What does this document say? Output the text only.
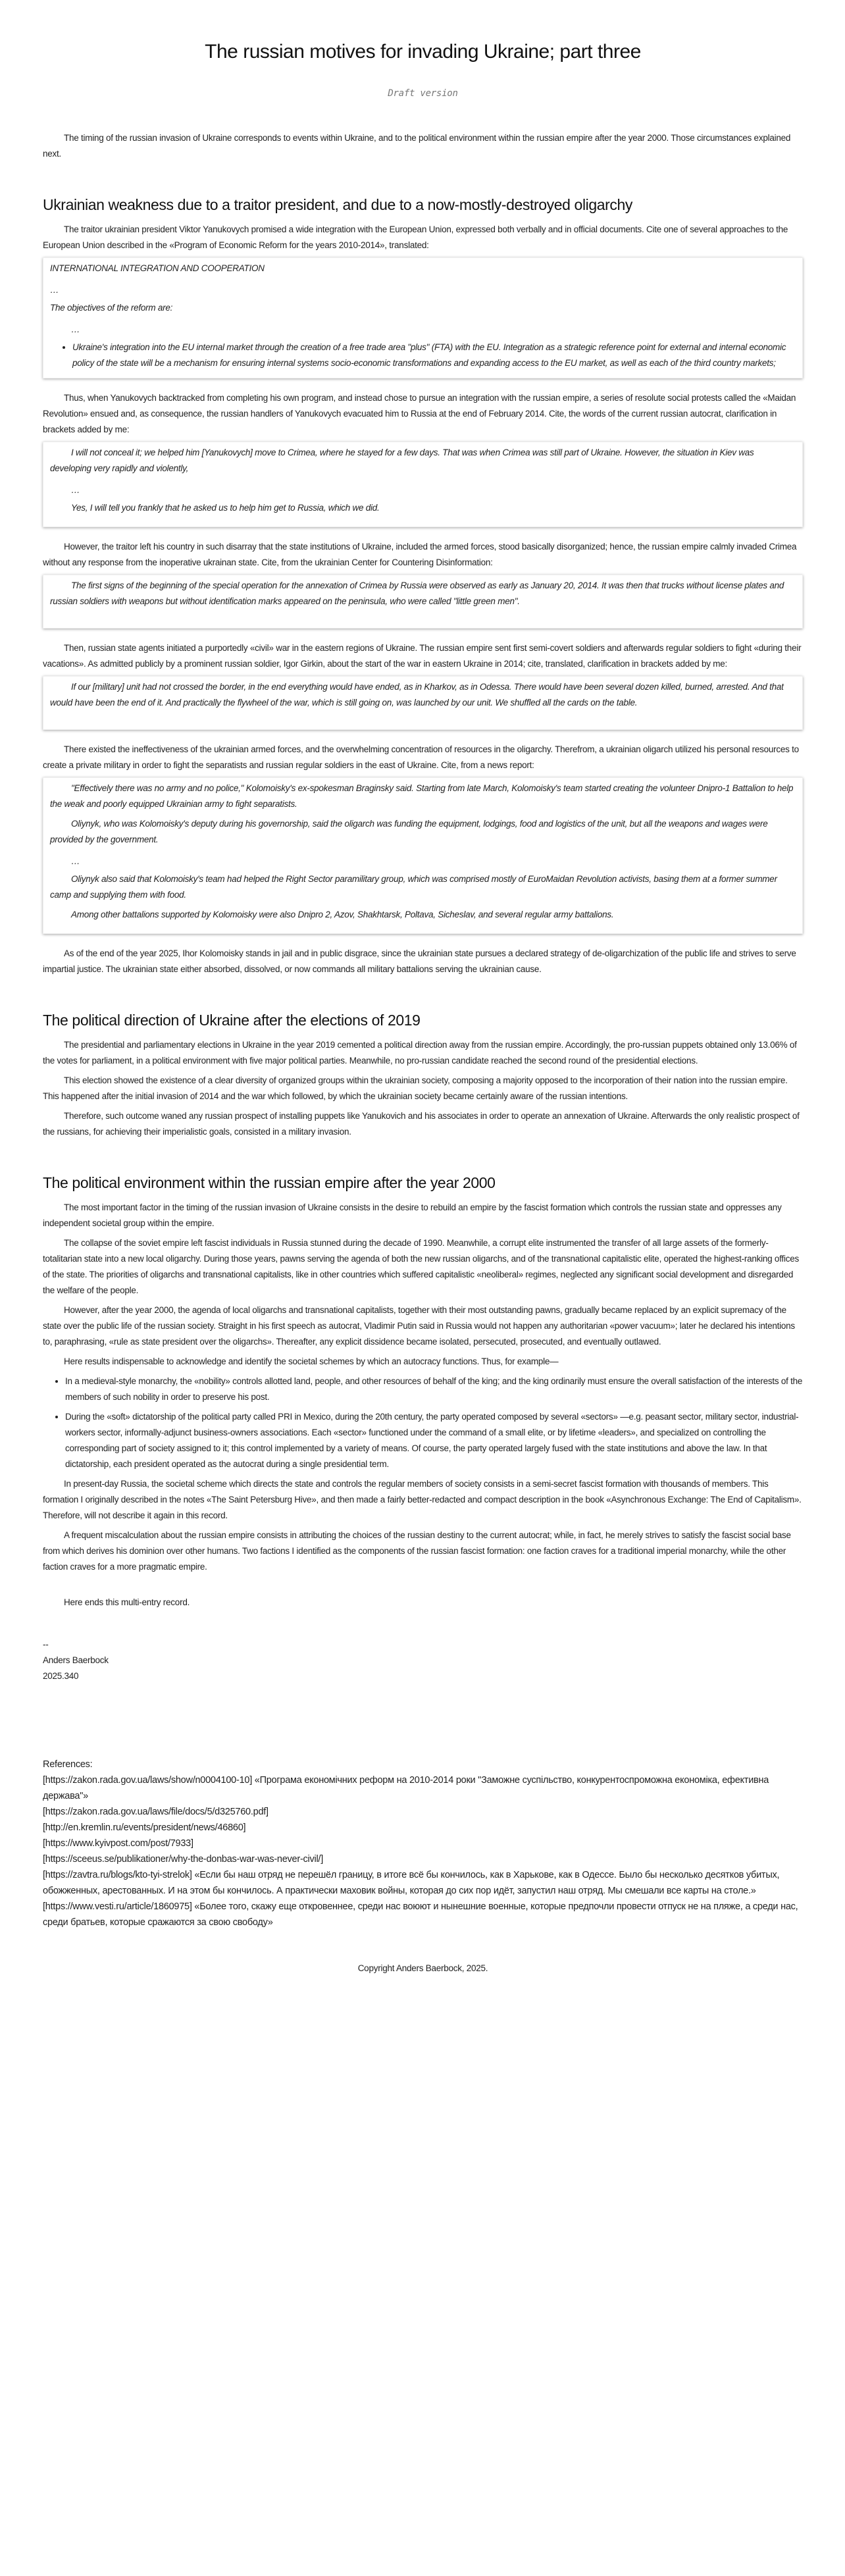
The russian motives for invading Ukraine; part three
Draft version

The timing of the russian invasion of Ukraine corresponds to events within Ukraine, and to the political environment within the russian empire after the year 2000. Those circumstances explained next.

Ukrainian weakness due to a traitor president, and due to a now-mostly-destroyed oligarchy

The traitor ukrainian president Viktor Yanukovych promised a wide integration with the European Union, expressed both verbally and in official documents. Cite one of several approaches to the European Union described in the «Program of Economic Reform for the years 2010-2014», translated:

INTERNATIONAL INTEGRATION AND COOPERATION

…

The objectives of the reform are:

…
• Ukraine's integration into the EU internal market through the creation of a free trade area "plus" (FTA) with the EU. Integration as a strategic reference point for external and internal economic policy of the state will be a mechanism for ensuring internal systems socio-economic transformations and expanding access to the EU market, as well as each of the third country markets;

Thus, when Yanukovych backtracked from completing his own program, and instead chose to pursue an integration with the russian empire, a series of resolute social protests called the «Maidan Revolution» ensued and, as consequence, the russian handlers of Yanukovych evacuated him to Russia at the end of February 2014. Cite, the words of the current russian autocrat, clarification in brackets added by me:

I will not conceal it; we helped him [Yanukovych] move to Crimea, where he stayed for a few days. That was when Crimea was still part of Ukraine. However, the situation in Kiev was developing very rapidly and violently,

…

Yes, I will tell you frankly that he asked us to help him get to Russia, which we did.

However, the traitor left his country in such disarray that the state institutions of Ukraine, included the armed forces, stood basically disorganized; hence, the russian empire calmly invaded Crimea without any response from the inoperative ukrainan state. Cite, from the ukrainian Center for Countering Disinformation:

The first signs of the beginning of the special operation for the annexation of Crimea by Russia were observed as early as January 20, 2014. It was then that trucks without license plates and russian soldiers with weapons but without identification marks appeared on the peninsula, who were called "little green men".

Then, russian state agents initiated a purportedly «civil» war in the eastern regions of Ukraine. The russian empire sent first semi-covert soldiers and afterwards regular soldiers to fight «during their vacations». As admitted publicly by a prominent russian soldier, Igor Girkin, about the start of the war in eastern Ukraine in 2014; cite, translated, clarification in brackets added by me:

If our [military] unit had not crossed the border, in the end everything would have ended, as in Kharkov, as in Odessa. There would have been several dozen killed, burned, arrested. And that would have been the end of it. And practically the flywheel of the war, which is still going on, was launched by our unit. We shuffled all the cards on the table.

There existed the ineffectiveness of the ukrainian armed forces, and the overwhelming concentration of resources in the oligarchy. Therefrom, a ukrainian oligarch utilized his personal resources to create a private military in order to fight the separatists and russian regular soldiers in the east of Ukraine. Cite, from a news report:

"Effectively there was no army and no police," Kolomoisky's ex-spokesman Braginsky said. Starting from late March, Kolomoisky's team started creating the volunteer Dnipro-1 Battalion to help the weak and poorly equipped Ukrainian army to fight separatists.

Oliynyk, who was Kolomoisky's deputy during his governorship, said the oligarch was funding the equipment, lodgings, food and logistics of the unit, but all the weapons and wages were provided by the government.

…

Oliynyk also said that Kolomoisky's team had helped the Right Sector paramilitary group, which was comprised mostly of EuroMaidan Revolution activists, basing them at a former summer camp and supplying them with food.

Among other battalions supported by Kolomoisky were also Dnipro 2, Azov, Shakhtarsk, Poltava, Sicheslav, and several regular army battalions.

As of the end of the year 2025, Ihor Kolomoisky stands in jail and in public disgrace, since the ukrainian state pursues a declared strategy of de-oligarchization of the public life and strives to serve impartial justice. The ukrainian state either absorbed, dissolved, or now commands all military battalions serving the ukrainian cause.

The political direction of Ukraine after the elections of 2019

The presidential and parliamentary elections in Ukraine in the year 2019 cemented a political direction away from the russian empire. Accordingly, the pro-russian puppets obtained only 13.06% of the votes for parliament, in a political environment with five major political parties. Meanwhile, no pro-russian candidate reached the second round of the presidential elections.

This election showed the existence of a clear diversity of organized groups within the ukrainian society, composing a majority opposed to the incorporation of their nation into the russian empire. This happened after the initial invasion of 2014 and the war which followed, by which the ukrainian society became certainly aware of the russian intentions.

Therefore, such outcome waned any russian prospect of installing puppets like Yanukovich and his associates in order to operate an annexation of Ukraine. Afterwards the only realistic prospect of the russians, for achieving their imperialistic goals, consisted in a military invasion.

The political environment within the russian empire after the year 2000

The most important factor in the timing of the russian invasion of Ukraine consists in the desire to rebuild an empire by the fascist formation which controls the russian state and oppresses any independent societal group within the empire.

The collapse of the soviet empire left fascist individuals in Russia stunned during the decade of 1990. Meanwhile, a corrupt elite instrumented the transfer of all large assets of the formerly-totalitarian state into a new local oligarchy. During those years, pawns serving the agenda of both the new russian oligarchs, and of the transnational capitalistic elite, operated the highest-ranking offices of the state. The priorities of oligarchs and transnational capitalists, like in other countries which suffered capitalistic «neoliberal» regimes, neglected any significant social development and disregarded the welfare of the people.

However, after the year 2000, the agenda of local oligarchs and transnational capitalists, together with their most outstanding pawns, gradually became replaced by an explicit supremacy of the state over the public life of the russian society. Straight in his first speech as autocrat, Vladimir Putin said in Russia would not happen any authoritarian «power vacuum»; later he declared his intentions to, paraphrasing, «rule as state president over the oligarchs». Thereafter, any explicit dissidence became isolated, persecuted, prosecuted, and eventually outlawed.

Here results indispensable to acknowledge and identify the societal schemes by which an autocracy functions. Thus, for example—

• In a medieval-style monarchy, the «nobility» controls allotted land, people, and other resources of behalf of the king; and the king ordinarily must ensure the overall satisfaction of the interests of the members of such nobility in order to preserve his post.
• During the «soft» dictatorship of the political party called PRI in Mexico, during the 20th century, the party operated composed by several «sectors» —e.g. peasant sector, military sector, industrial-workers sector, informally-adjunct business-owners associations. Each «sector» functioned under the command of a small elite, or by lifetime «leaders», and specialized on controlling the corresponding part of society assigned to it; this control implemented by a variety of means. Of course, the party operated largely fused with the state institutions and above the law. In that dictatorship, each president operated as the autocrat during a single presidential term.

In present-day Russia, the societal scheme which directs the state and controls the regular members of society consists in a semi-secret fascist formation with thousands of members. This formation I originally described in the notes «The Saint Petersburg Hive», and then made a fairly better-redacted and compact description in the book «Asynchronous Exchange: The End of Capitalism». Therefore, will not describe it again in this record.

A frequent miscalculation about the russian empire consists in attributing the choices of the russian destiny to the current autocrat; while, in fact, he merely strives to satisfy the fascist social base from which derives his dominion over other humans. Two factions I identified as the components of the russian fascist formation: one faction craves for a traditional imperial monarchy, while the other faction craves for a more pragmatic empire.

Here ends this multi-entry record.

--
Anders Baerbock
2025.340
References:
[https://zakon.rada.gov.ua/laws/show/n0004100-10] «Програма економічних реформ на 2010-2014 роки "Заможне суспільство, конкурентоспроможна економіка, ефективна держава"»
[https://zakon.rada.gov.ua/laws/file/docs/5/d325760.pdf]
[http://en.kremlin.ru/events/president/news/46860]
[https://www.kyivpost.com/post/7933]
[https://sceeus.se/publikationer/why-the-donbas-war-was-never-civil/]
[https://zavtra.ru/blogs/kto-tyi-strelok] «Если бы наш отряд не перешёл границу, в итоге всё бы кончилось, как в Харькове, как в Одессе. Было бы несколько десятков убитых, обожженных, арестованных. И на этом бы кончилось. А практически маховик войны, которая до сих пор идёт, запустил наш отряд. Мы смешали все карты на столе.»
[https://www.vesti.ru/article/1860975] «Более того, скажу еще откровеннее, среди нас воюют и нынешние военные, которые предпочли провести отпуск не на пляже, а среди нас, среди братьев, которые сражаются за свою свободу»
Copyright Anders Baerbock, 2025.
